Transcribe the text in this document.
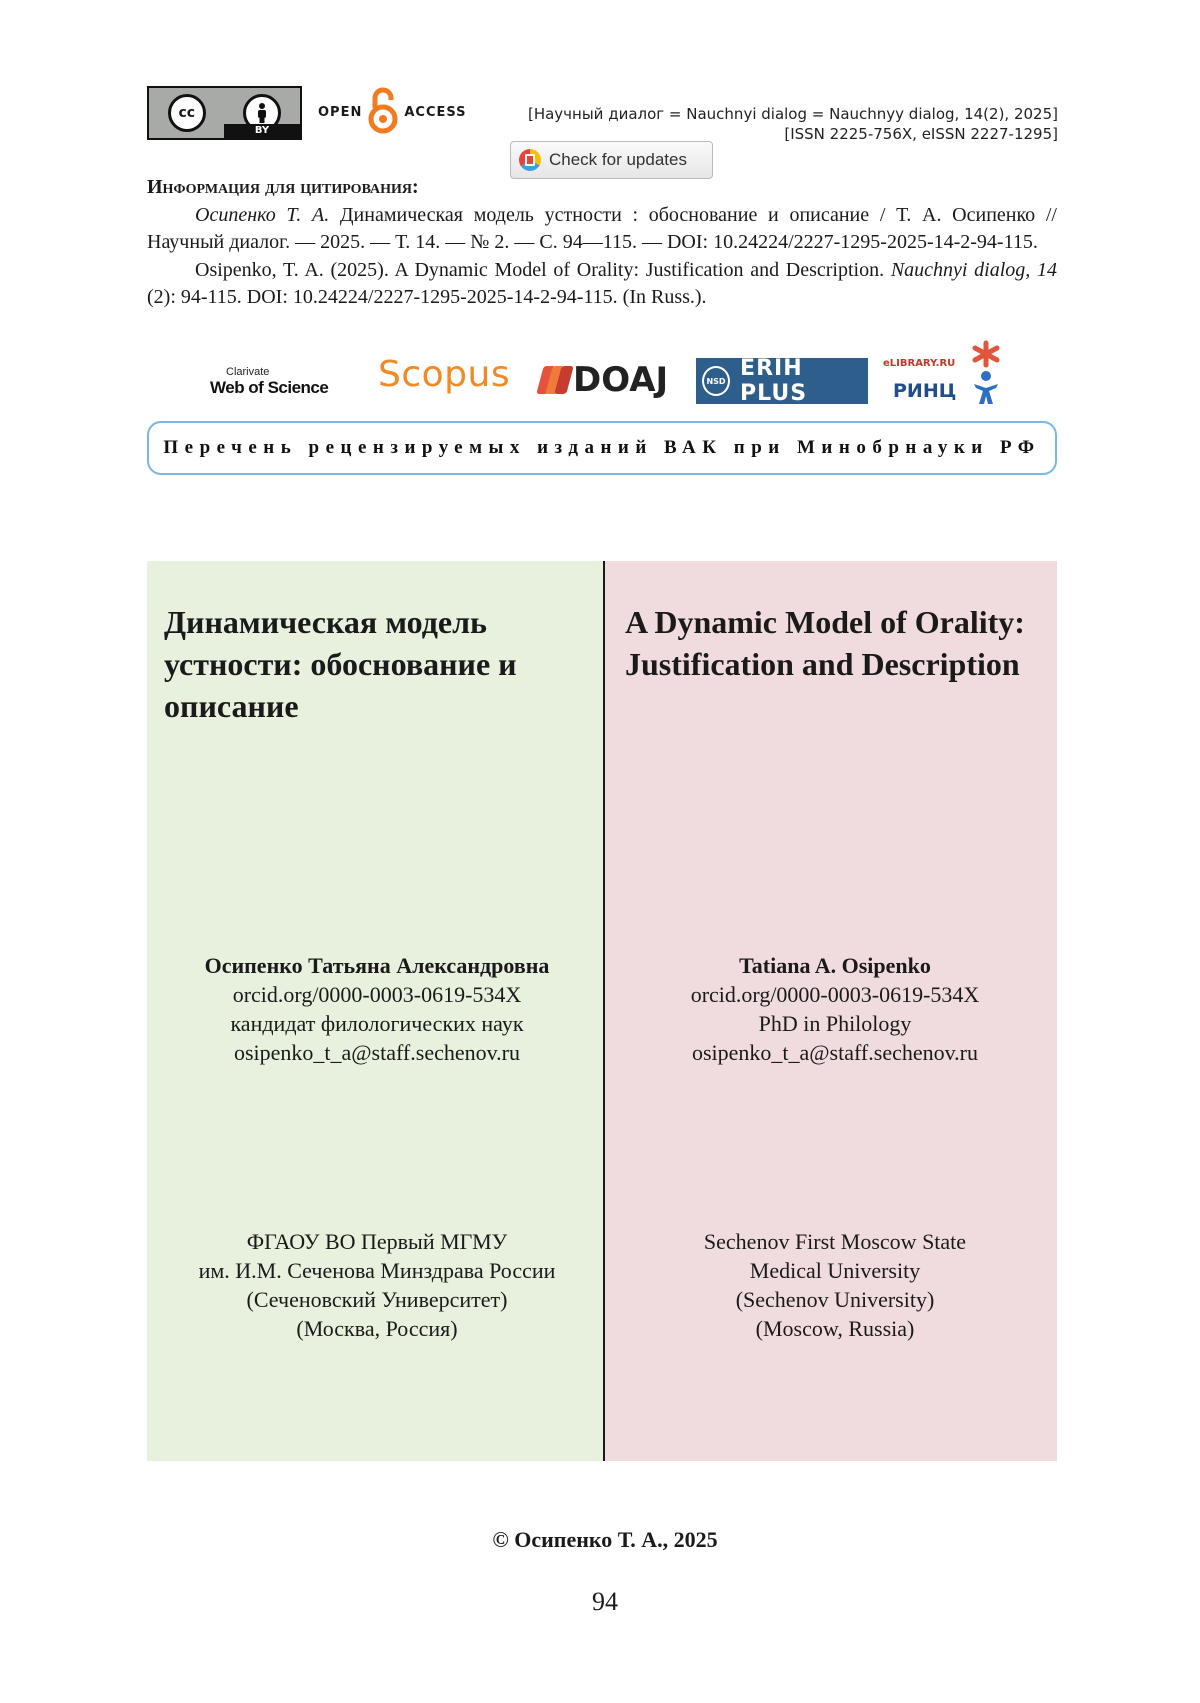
cc
BY
OPEN	ACCESS	[Научный диалог = Nauchnyi dialog = Nauchnyy dialog, 14(2), 2025]
[ISSN 2225-756X, eISSN 2227-1295]
Check for updates
Информация для цитирования:

Осипенко Т. А. Динамическая модель устности : обоснование и описание / Т. А. Осипенко // Научный диалог. — 2025. — Т. 14. — № 2. — С. 94—115. — DOI: 10.24224/2227-1295-2025-14-2-94-115.

Osipenko, T. A. (2025). A Dynamic Model of Orality: Justification and Description. Nauchnyi dialog, 14 (2): 94-115. DOI: 10.24224/2227-1295-2025-14-2-94-115. (In Russ.).

Clarivate
Web of Science Scopus DOAJ	NSD ERIH PLUS
eLIBRARY.RU
РИНЦ
Перечень рецензируемых изданий ВАК при Минобрнауки РФ
Динамическая модель устности: обоснование и описание
A Dynamic Model of Orality: Justification and Description
Осипенко Татьяна Александровна
orcid.org/0000-0003-0619-534X
кандидат филологических наук
osipenko_t_a@staff.sechenov.ru
Tatiana A. Osipenko
orcid.org/0000-0003-0619-534X
PhD in Philology
osipenko_t_a@staff.sechenov.ru
ФГАОУ ВО Первый МГМУ
им. И.М. Сеченова Минздрава России
(Сеченовский Университет)
(Москва, Россия)
Sechenov First Moscow State
Medical University
(Sechenov University)
(Moscow, Russia)
© Осипенко Т. А., 2025
94
